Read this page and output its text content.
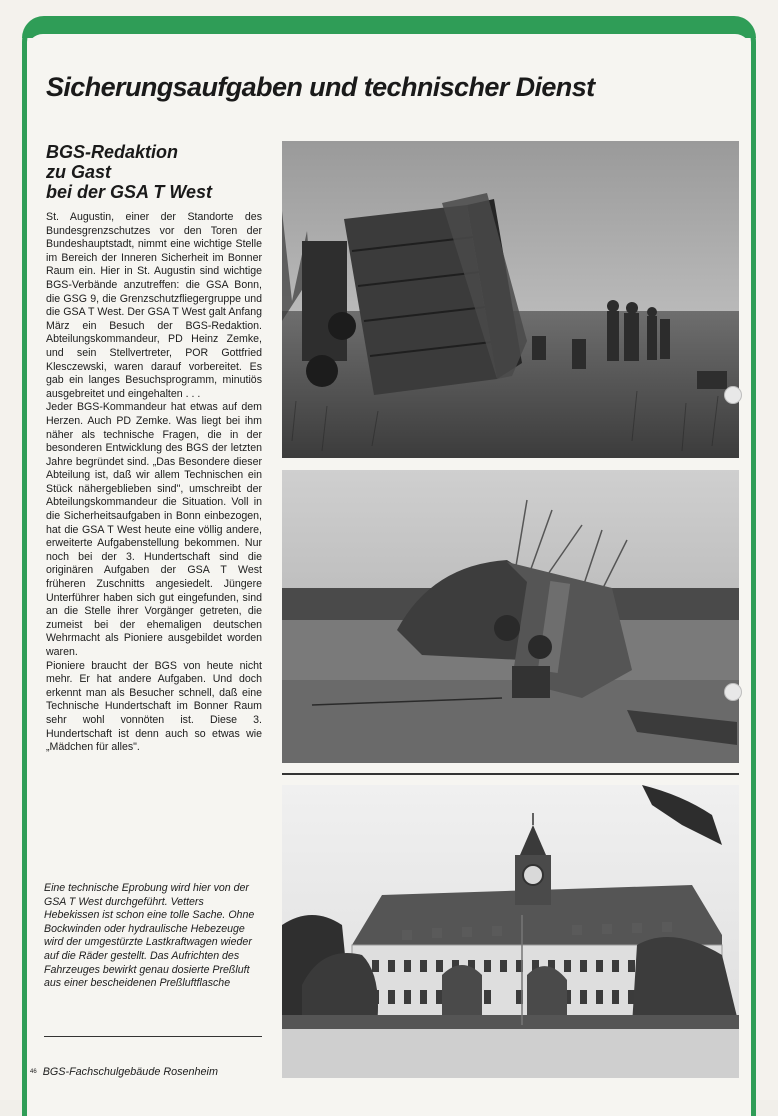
Sicherungsaufgaben und technischer Dienst
BGS-Redaktion
zu Gast
bei der GSA T West

St. Augustin, einer der Standorte des Bundesgrenzschutzes vor den Toren der Bundeshauptstadt, nimmt eine wichtige Stelle im Bereich der Inneren Sicherheit im Bonner Raum ein. Hier in St. Augustin sind wichtige BGS-Verbände anzutreffen: die GSA Bonn, die GSG 9, die Grenzschutzfliegergruppe und die GSA T West. Der GSA T West galt Anfang März ein Besuch der BGS-Redaktion. Abteilungskommandeur, PD Heinz Zemke, und sein Stellvertreter, POR Gottfried Klesczewski, waren darauf vorbereitet. Es gab ein langes Besuchsprogramm, minutiös ausgebreitet und eingehalten . . .

Jeder BGS-Kommandeur hat etwas auf dem Herzen. Auch PD Zemke. Was liegt bei ihm näher als technische Fragen, die in der besonderen Entwicklung des BGS der letzten Jahre begründet sind. „Das Besondere dieser Abteilung ist, daß wir allem Technischen ein Stück nähergeblieben sind", umschreibt der Abteilungskommandeur die Situation. Voll in die Sicherheitsaufgaben in Bonn einbezogen, hat die GSA T West heute eine völlig andere, erweiterte Aufgabenstellung bekommen. Nur noch bei der 3. Hundertschaft sind die originären Aufgaben der GSA T West früheren Zuschnitts angesiedelt. Jüngere Unterführer haben sich gut eingefunden, sind an die Stelle ihrer Vorgänger getreten, die zumeist bei der ehemaligen deutschen Wehrmacht als Pioniere ausgebildet worden waren.

Pioniere braucht der BGS von heute nicht mehr. Er hat andere Aufgaben. Und doch erkennt man als Besucher schnell, daß eine Technische Hundertschaft im Bonner Raum sehr wohl vonnöten ist. Diese 3. Hundertschaft ist denn auch so etwas wie „Mädchen für alles".

Eine technische Eprobung wird hier von der GSA T West durchgeführt. Vetters Hebekissen ist schon eine tolle Sache. Ohne Bockwinden oder hydraulische Hebezeuge wird der umgestürzte Lastkraftwagen wieder auf die Räder gestellt. Das Aufrichten des Fahrzeuges bewirkt genau dosierte Preßluft aus einer bescheidenen Preßluftflasche
46 BGS-Fachschulgebäude Rosenheim
